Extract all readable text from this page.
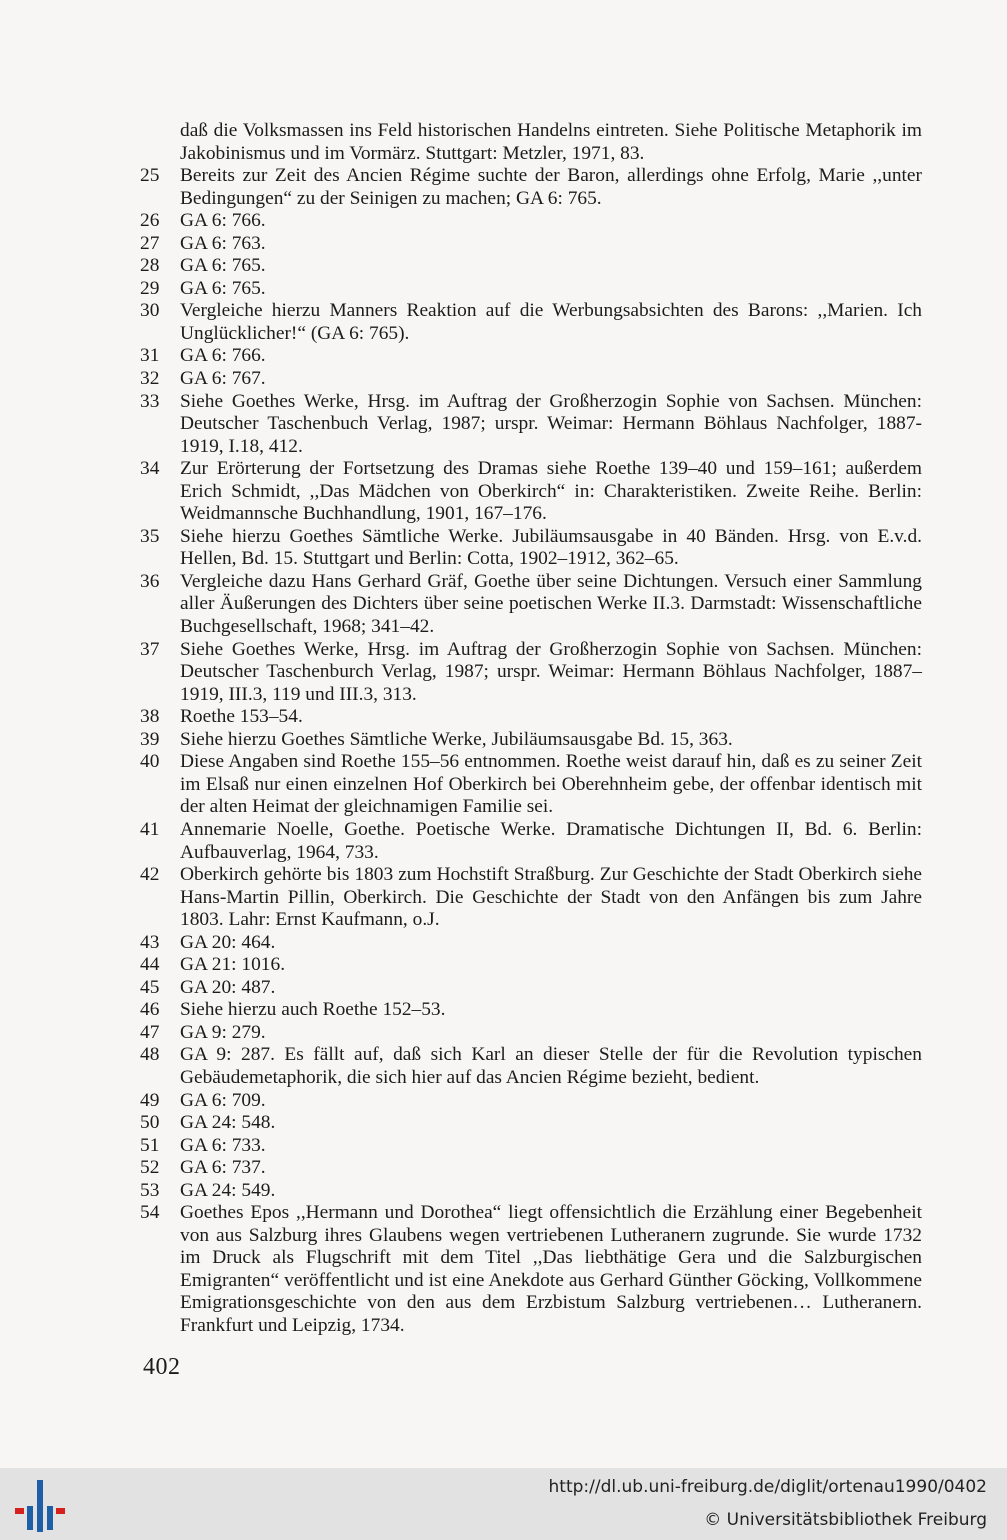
daß die Volksmassen ins Feld historischen Handelns eintreten. Siehe Politische Metaphorik im Jakobinismus und im Vormärz. Stuttgart: Metzler, 1971, 83.
25	Bereits zur Zeit des Ancien Régime suchte der Baron, allerdings ohne Erfolg, Marie ,,unter Bedingungen“ zu der Seinigen zu machen; GA 6: 765.
26	GA 6: 766.
27	GA 6: 763.
28	GA 6: 765.
29	GA 6: 765.
30	Vergleiche hierzu Manners Reaktion auf die Werbungsabsichten des Barons: ,,Marien. Ich Unglücklicher!“ (GA 6: 765).
31	GA 6: 766.
32	GA 6: 767.
33	Siehe Goethes Werke, Hrsg. im Auftrag der Großherzogin Sophie von Sachsen. München: Deutscher Taschenbuch Verlag, 1987; urspr. Weimar: Hermann Böhlaus Nachfolger, 1887-1919, I.18, 412.
34	Zur Erörterung der Fortsetzung des Dramas siehe Roethe 139–40 und 159–161; außerdem Erich Schmidt, ,,Das Mädchen von Oberkirch“ in: Charakteristiken. Zweite Reihe. Berlin: Weidmannsche Buchhandlung, 1901, 167–176.
35	Siehe hierzu Goethes Sämtliche Werke. Jubiläumsausgabe in 40 Bänden. Hrsg. von E.v.d. Hellen, Bd. 15. Stuttgart und Berlin: Cotta, 1902–1912, 362–65.
36	Vergleiche dazu Hans Gerhard Gräf, Goethe über seine Dichtungen. Versuch einer Sammlung aller Äußerungen des Dichters über seine poetischen Werke II.3. Darmstadt: Wissenschaftliche Buchgesellschaft, 1968; 341–42.
37	Siehe Goethes Werke, Hrsg. im Auftrag der Großherzogin Sophie von Sachsen. München: Deutscher Taschenburch Verlag, 1987; urspr. Weimar: Hermann Böhlaus Nachfolger, 1887–1919, III.3, 119 und III.3, 313.
38	Roethe 153–54.
39	Siehe hierzu Goethes Sämtliche Werke, Jubiläumsausgabe Bd. 15, 363.
40	Diese Angaben sind Roethe 155–56 entnommen. Roethe weist darauf hin, daß es zu seiner Zeit im Elsaß nur einen einzelnen Hof Oberkirch bei Oberehnheim gebe, der offenbar identisch mit der alten Heimat der gleichnamigen Familie sei.
41	Annemarie Noelle, Goethe. Poetische Werke. Dramatische Dichtungen II, Bd. 6. Berlin: Aufbauverlag, 1964, 733.
42	Oberkirch gehörte bis 1803 zum Hochstift Straßburg. Zur Geschichte der Stadt Oberkirch siehe Hans-Martin Pillin, Oberkirch. Die Geschichte der Stadt von den Anfängen bis zum Jahre 1803. Lahr: Ernst Kaufmann, o.J.
43	GA 20: 464.
44	GA 21: 1016.
45	GA 20: 487.
46	Siehe hierzu auch Roethe 152–53.
47	GA 9: 279.
48	GA 9: 287. Es fällt auf, daß sich Karl an dieser Stelle der für die Revolution typischen Gebäudemetaphorik, die sich hier auf das Ancien Régime bezieht, bedient.
49	GA 6: 709.
50	GA 24: 548.
51	GA 6: 733.
52	GA 6: 737.
53	GA 24: 549.
54	Goethes Epos ,,Hermann und Dorothea“ liegt offensichtlich die Erzählung einer Begebenheit von aus Salzburg ihres Glaubens wegen vertriebenen Lutheranern zugrunde. Sie wurde 1732 im Druck als Flugschrift mit dem Titel ,,Das liebthätige Gera und die Salzburgischen Emigranten“ veröffentlicht und ist eine Anekdote aus Gerhard Günther Göcking, Vollkommene Emigrationsgeschichte von den aus dem Erzbistum Salzburg vertriebenen… Lutheranern. Frankfurt und Leipzig, 1734.
402
http://dl.ub.uni-freiburg.de/diglit/ortenau1990/0402
© Universitätsbibliothek Freiburg
